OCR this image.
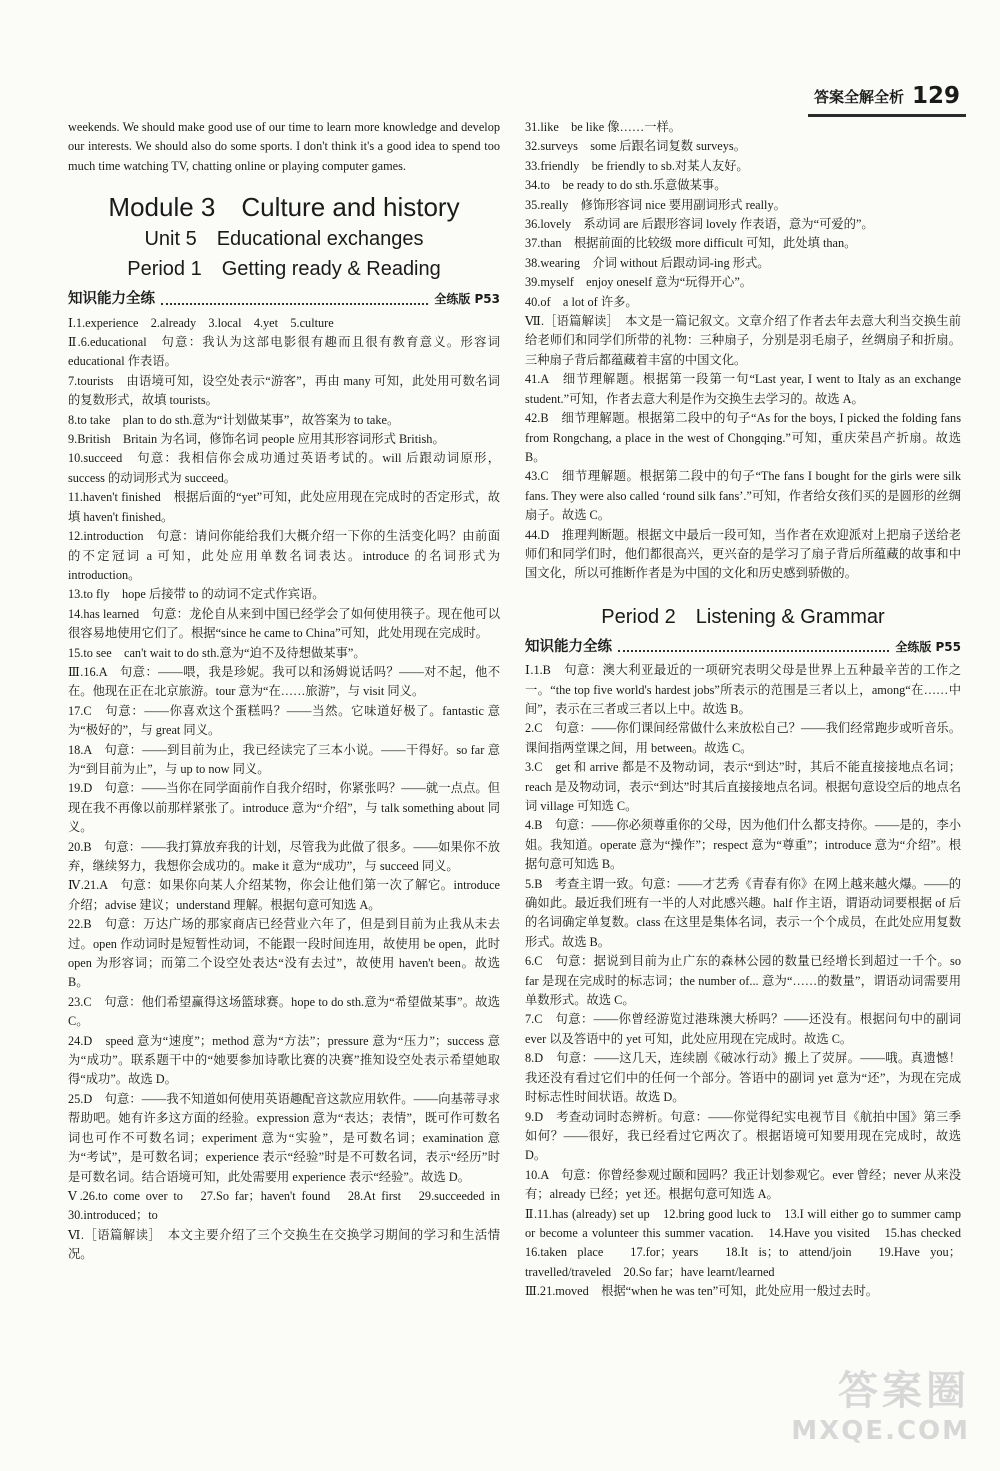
答案全解全析 129

weekends. We should make good use of our time to learn more knowledge and develop our interests. We should also do some sports. I don't think it's a good idea to spend too much time watching TV, chatting online or playing computer games.

Module 3　Culture and history
Unit 5　Educational exchanges
Period 1　Getting ready & Reading
知识能力全练	全练版 P53

Ⅰ.1.experience　2.already　3.local　4.yet　5.culture

Ⅱ.6.educational　句意：我认为这部电影很有趣而且很有教育意义。形容词 educational 作表语。

7.tourists　由语境可知，设空处表示“游客”，再由 many 可知，此处用可数名词的复数形式，故填 tourists。

8.to take　plan to do sth.意为“计划做某事”，故答案为 to take。

9.British　Britain 为名词，修饰名词 people 应用其形容词形式 British。

10.succeed　句意：我相信你会成功通过英语考试的。will 后跟动词原形，success 的动词形式为 succeed。

11.haven't finished　根据后面的“yet”可知，此处应用现在完成时的否定形式，故填 haven't finished。

12.introduction　句意：请问你能给我们大概介绍一下你的生活变化吗？由前面的不定冠词 a 可知，此处应用单数名词表达。introduce 的名词形式为 introduction。

13.to fly　hope 后接带 to 的动词不定式作宾语。

14.has learned　句意：龙伦自从来到中国已经学会了如何使用筷子。现在他可以很容易地使用它们了。根据“since he came to China”可知，此处用现在完成时。

15.to see　can't wait to do sth.意为“迫不及待想做某事”。

Ⅲ.16.A　句意：——喂，我是珍妮。我可以和汤姆说话吗？——对不起，他不在。他现在正在北京旅游。tour 意为“在……旅游”，与 visit 同义。

17.C　句意：——你喜欢这个蛋糕吗？——当然。它味道好极了。fantastic 意为“极好的”，与 great 同义。

18.A　句意：——到目前为止，我已经读完了三本小说。——干得好。so far 意为“到目前为止”，与 up to now 同义。

19.D　句意：——当你在同学面前作自我介绍时，你紧张吗？——就一点点。但现在我不再像以前那样紧张了。introduce 意为“介绍”，与 talk something about 同义。

20.B　句意：——我打算放弃我的计划，尽管我为此做了很多。——如果你不放弃，继续努力，我想你会成功的。make it 意为“成功”，与 succeed 同义。

Ⅳ.21.A　句意：如果你向某人介绍某物，你会让他们第一次了解它。introduce 介绍；advise 建议；understand 理解。根据句意可知选 A。

22.B　句意：万达广场的那家商店已经营业六年了，但是到目前为止我从未去过。open 作动词时是短暂性动词，不能跟一段时间连用，故使用 be open，此时 open 为形容词；而第二个设空处表达“没有去过”，故使用 haven't been。故选 B。

23.C　句意：他们希望赢得这场篮球赛。hope to do sth.意为“希望做某事”。故选 C。

24.D　speed 意为“速度”；method 意为“方法”；pressure 意为“压力”；success 意为“成功”。联系题干中的“她要参加诗歌比赛的决赛”推知设空处表示希望她取得“成功”。故选 D。

25.D　句意：——我不知道如何使用英语趣配音这款应用软件。——向基蒂寻求帮助吧。她有许多这方面的经验。expression 意为“表达；表情”，既可作可数名词也可作不可数名词；experiment 意为“实验”，是可数名词；examination 意为“考试”，是可数名词；experience 表示“经验”时是不可数名词，表示“经历”时是可数名词。结合语境可知，此处需要用 experience 表示“经验”。故选 D。

Ⅴ.26.to come over to　27.So far；haven't found　28.At first　29.succeeded in　30.introduced；to

Ⅵ.［语篇解读］　本文主要介绍了三个交换生在交换学习期间的学习和生活情况。

31.like　be like 像……一样。

32.surveys　some 后跟名词复数 surveys。

33.friendly　be friendly to sb.对某人友好。

34.to　be ready to do sth.乐意做某事。

35.really　修饰形容词 nice 要用副词形式 really。

36.lovely　系动词 are 后跟形容词 lovely 作表语，意为“可爱的”。

37.than　根据前面的比较级 more difficult 可知，此处填 than。

38.wearing　介词 without 后跟动词-ing 形式。

39.myself　enjoy oneself 意为“玩得开心”。

40.of　a lot of 许多。

Ⅶ.［语篇解读］　本文是一篇记叙文。文章介绍了作者去年去意大利当交换生前给老师们和同学们所带的礼物：三种扇子，分别是羽毛扇子，丝绸扇子和折扇。三种扇子背后都蕴藏着丰富的中国文化。

41.A　细节理解题。根据第一段第一句“Last year, I went to Italy as an exchange student.”可知，作者去意大利是作为交换生去学习的。故选 A。

42.B　细节理解题。根据第二段中的句子“As for the boys, I picked the folding fans from Rongchang, a place in the west of Chongqing.”可知，重庆荣昌产折扇。故选 B。

43.C　细节理解题。根据第二段中的句子“The fans I bought for the girls were silk fans. They were also called ‘round silk fans’.”可知，作者给女孩们买的是圆形的丝绸扇子。故选 C。

44.D　推理判断题。根据文中最后一段可知，当作者在欢迎派对上把扇子送给老师们和同学们时，他们都很高兴，更兴奋的是学习了扇子背后所蕴藏的故事和中国文化，所以可推断作者是为中国的文化和历史感到骄傲的。

Period 2　Listening & Grammar
知识能力全练	全练版 P55

Ⅰ.1.B　句意：澳大利亚最近的一项研究表明父母是世界上五种最辛苦的工作之一。“the top five world's hardest jobs”所表示的范围是三者以上，among“在……中间”，表示在三者或三者以上中。故选 B。

2.C　句意：——你们课间经常做什么来放松自己？——我们经常跑步或听音乐。课间指两堂课之间，用 between。故选 C。

3.C　get 和 arrive 都是不及物动词，表示“到达”时，其后不能直接接地点名词；reach 是及物动词，表示“到达”时其后直接接地点名词。根据句意设空后的地点名词 village 可知选 C。

4.B　句意：——你必须尊重你的父母，因为他们什么都支持你。——是的，李小姐。我知道。operate 意为“操作”；respect 意为“尊重”；introduce 意为“介绍”。根据句意可知选 B。

5.B　考查主谓一致。句意：——才艺秀《青春有你》在网上越来越火爆。——的确如此。最近我们班有一半的人对此感兴趣。half 作主语，谓语动词要根据 of 后的名词确定单复数。class 在这里是集体名词，表示一个个成员，在此处应用复数形式。故选 B。

6.C　句意：据说到目前为止广东的森林公园的数量已经增长到超过一千个。so far 是现在完成时的标志词；the number of... 意为“……的数量”，谓语动词需要用单数形式。故选 C。

7.C　句意：——你曾经游览过港珠澳大桥吗？——还没有。根据问句中的副词 ever 以及答语中的 yet 可知，此处应用现在完成时。故选 C。

8.D　句意：——这几天，连续剧《破冰行动》搬上了荧屏。——哦。真遗憾！我还没有看过它们中的任何一个部分。答语中的副词 yet 意为“还”，为现在完成时标志性时间状语。故选 D。

9.D　考查动词时态辨析。句意：——你觉得纪实电视节目《航拍中国》第三季如何？——很好，我已经看过它两次了。根据语境可知要用现在完成时，故选 D。

10.A　句意：你曾经参观过颐和园吗？我正计划参观它。ever 曾经；never 从来没有；already 已经；yet 还。根据句意可知选 A。

Ⅱ.11.has (already) set up　12.bring good luck to　13.I will either go to summer camp or become a volunteer this summer vacation.　14.Have you visited　15.has checked　16.taken place　17.for；years　18.It is；to attend/join　19.Have you；travelled/traveled　20.So far；have learnt/learned

Ⅲ.21.moved　根据“when he was ten”可知，此处应用一般过去时。

答案圈
MXQE.COM
